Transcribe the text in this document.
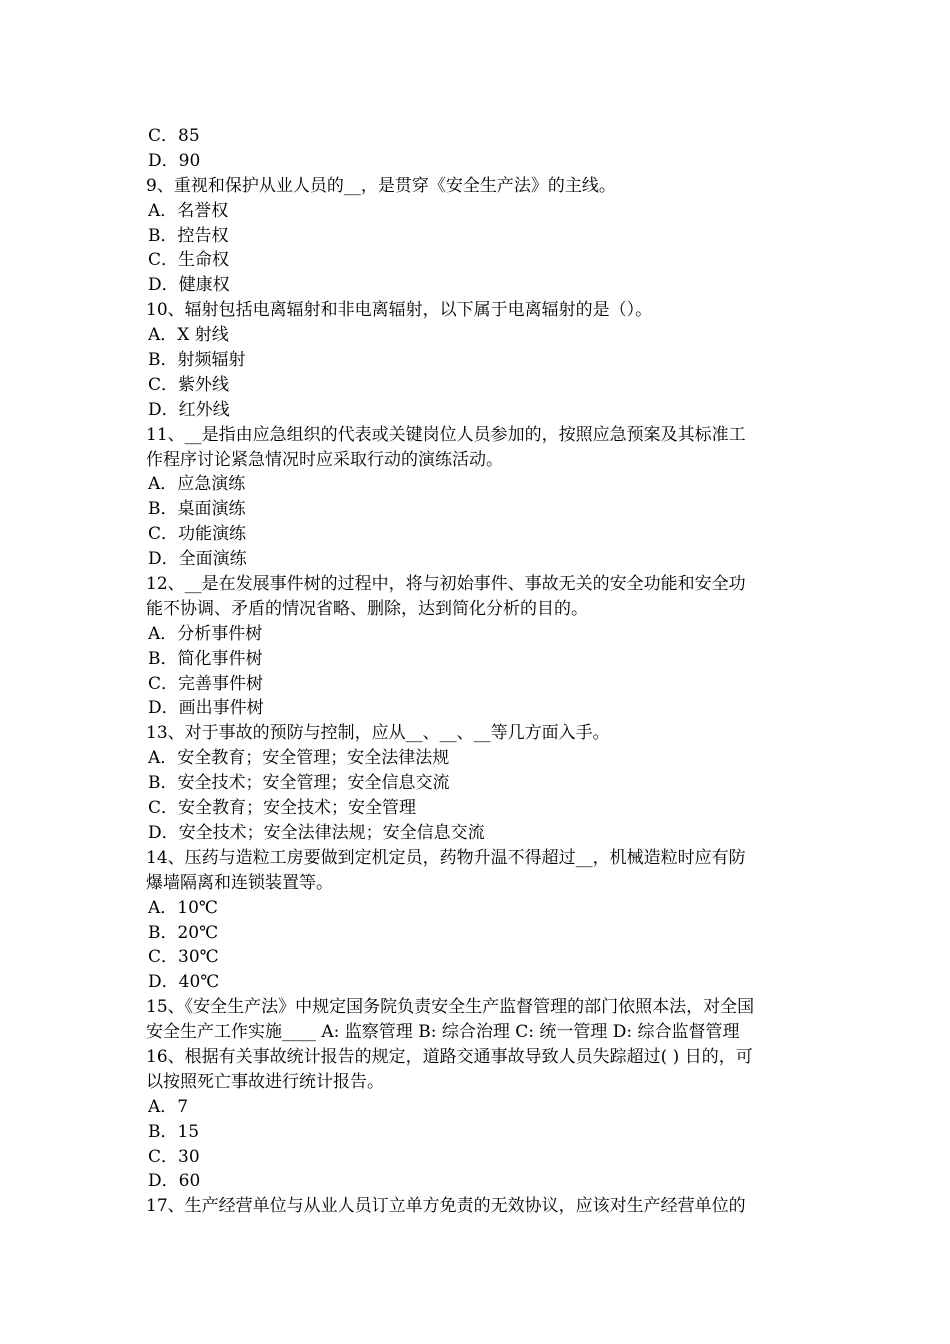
C．85
D．90
9、重视和保护从业人员的__，是贯穿《安全生产法》的主线。
A．名誉权
B．控告权
C．生命权
D．健康权
10、辐射包括电离辐射和非电离辐射，以下属于电离辐射的是（）。
A．X 射线
B．射频辐射
C．紫外线
D．红外线
11、__是指由应急组织的代表或关键岗位人员参加的，按照应急预案及其标准工
作程序讨论紧急情况时应采取行动的演练活动。
A．应急演练
B．桌面演练
C．功能演练
D．全面演练
12、__是在发展事件树的过程中，将与初始事件、事故无关的安全功能和安全功
能不协调、矛盾的情况省略、删除，达到简化分析的目的。
A．分析事件树
B．简化事件树
C．完善事件树
D．画出事件树
13、对于事故的预防与控制，应从__、__、__等几方面入手。
A．安全教育；安全管理；安全法律法规
B．安全技术；安全管理；安全信息交流
C．安全教育；安全技术；安全管理
D．安全技术；安全法律法规；安全信息交流
14、压药与造粒工房要做到定机定员，药物升温不得超过__，机械造粒时应有防
爆墙隔离和连锁装置等。
A．10℃
B．20℃
C．30℃
D．40℃
15、《安全生产法》中规定国务院负责安全生产监督管理的部门依照本法，对全国
安全生产工作实施____ A: 监察管理 B: 综合治理 C: 统一管理 D: 综合监督管理
16、根据有关事故统计报告的规定，道路交通事故导致人员失踪超过( ) 日的，可
以按照死亡事故进行统计报告。
A．7
B．15
C．30
D．60
17、生产经营单位与从业人员订立单方免责的无效协议，应该对生产经营单位的
